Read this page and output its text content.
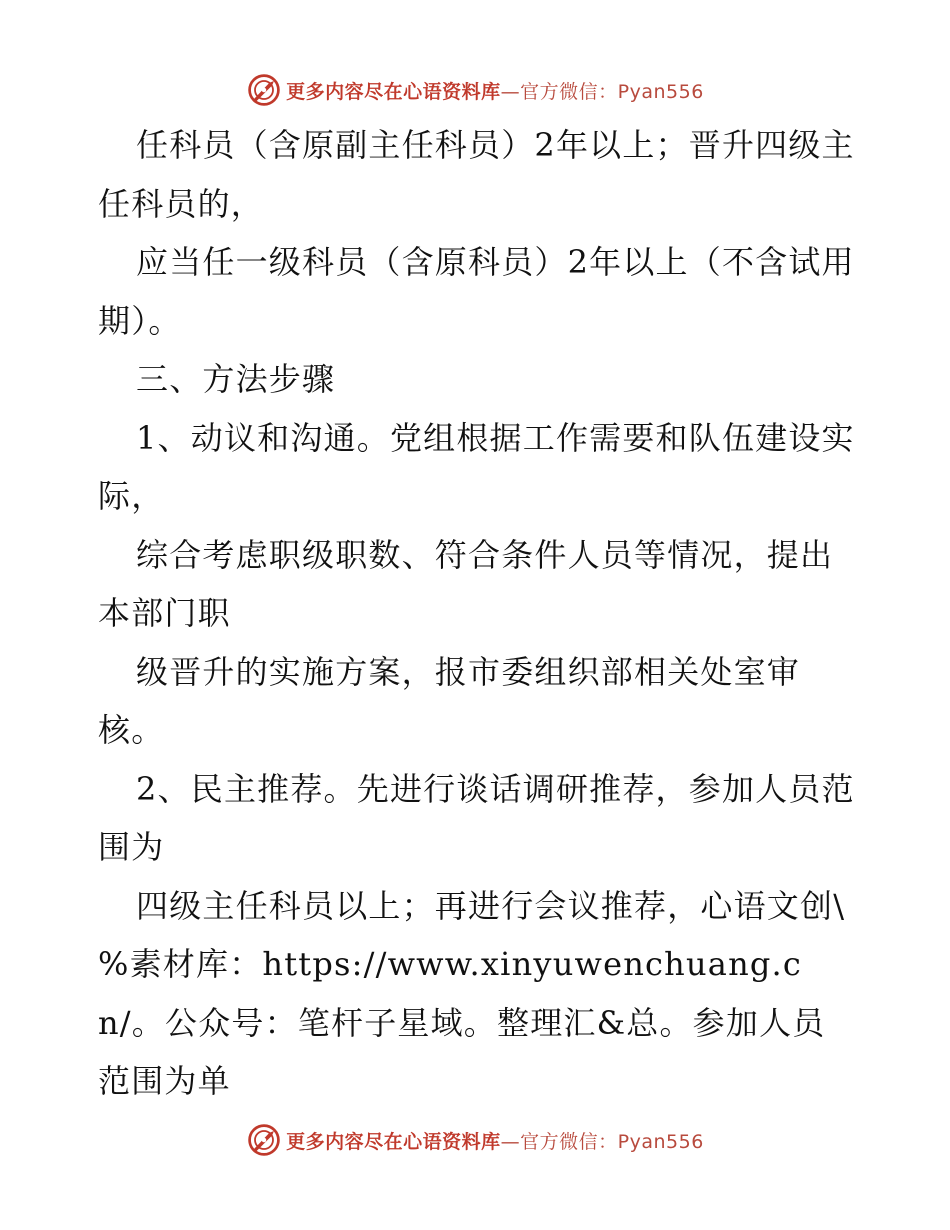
更多内容尽在心语资料库—官方微信：Pyan556

任科员（含原副主任科员）2年以上；晋升四级主任科员的，

应当任一级科员（含原科员）2年以上（不含试用期）。

三、方法步骤

1、动议和沟通。党组根据工作需要和队伍建设实际，

综合考虑职级职数、符合条件人员等情况，提出本部门职

级晋升的实施方案，报市委组织部相关处室审核。

2、民主推荐。先进行谈话调研推荐，参加人员范围为

四级主任科员以上；再进行会议推荐，心语文创\%素材库：https://www.xinyuwenchuang.cn/。公众号：笔杆子星域。整理汇&总。参加人员范围为单

更多内容尽在心语资料库—官方微信：Pyan556
